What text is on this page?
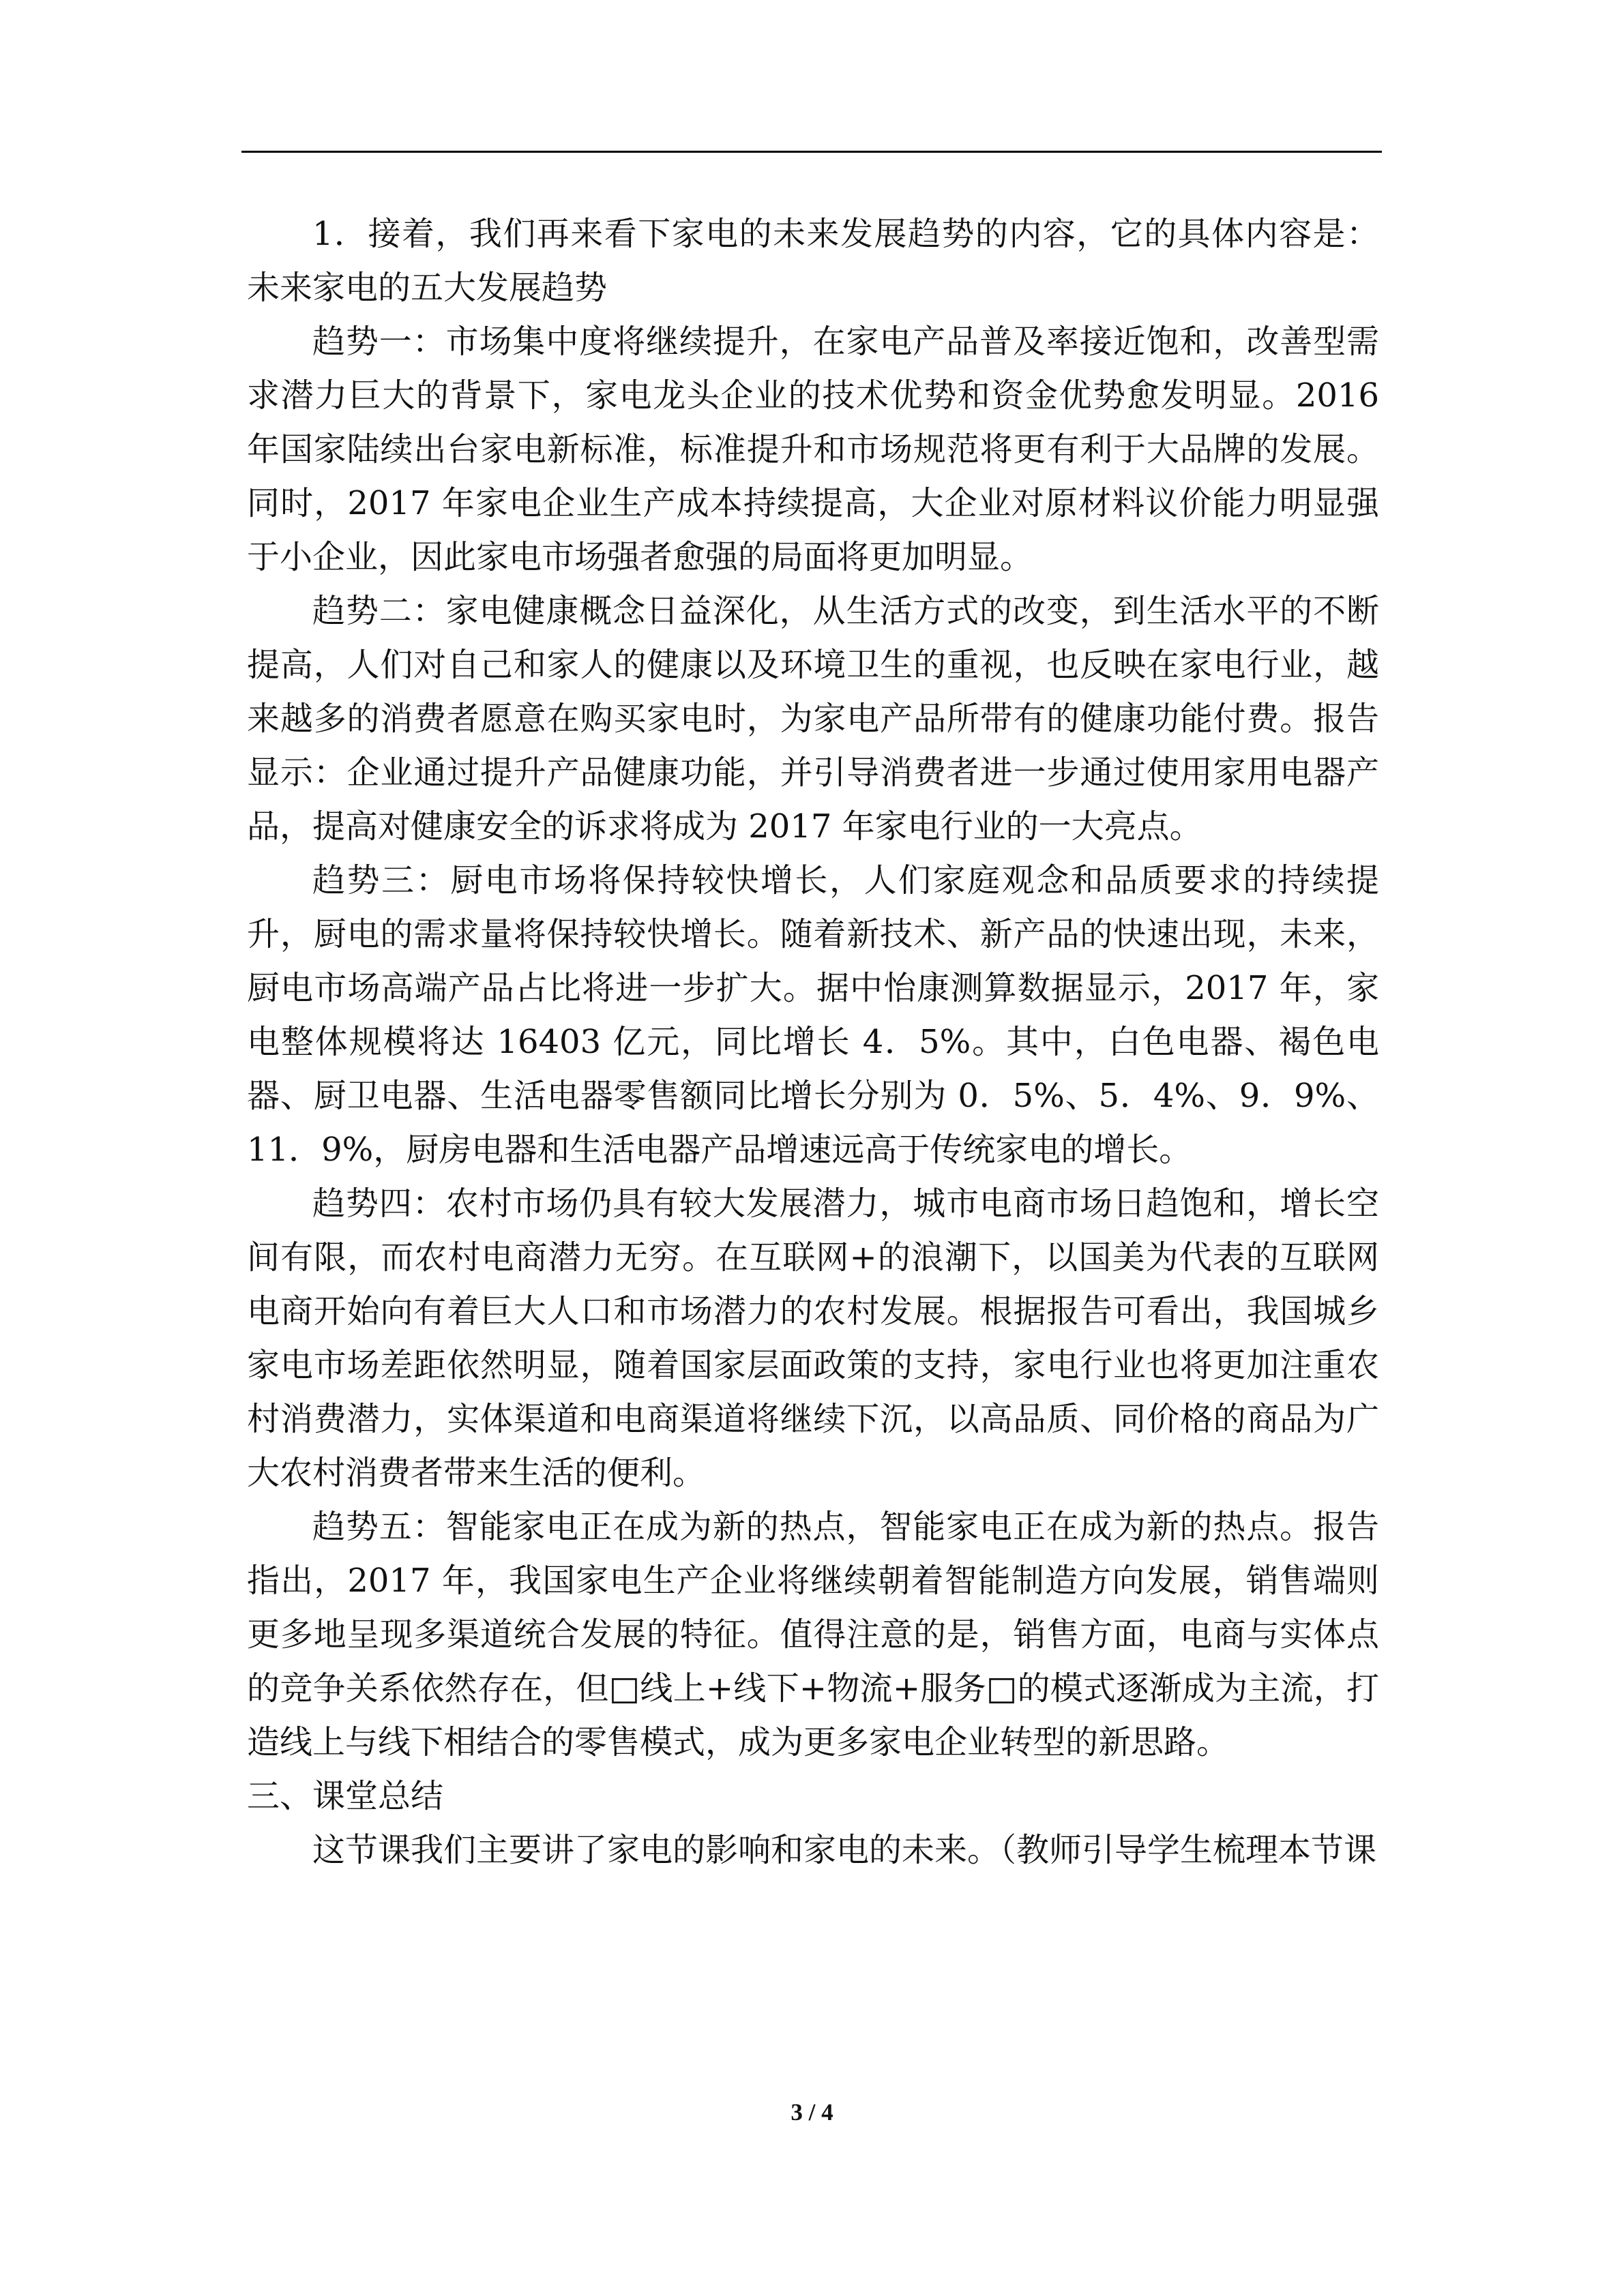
1．接着，我们再来看下家电的未来发展趋势的内容，它的具体内容是：未来家电的五大发展趋势

趋势一：市场集中度将继续提升，在家电产品普及率接近饱和，改善型需求潜力巨大的背景下，家电龙头企业的技术优势和资金优势愈发明显。2016 年国家陆续出台家电新标准，标准提升和市场规范将更有利于大品牌的发展。同时，2017 年家电企业生产成本持续提高，大企业对原材料议价能力明显强于小企业，因此家电市场强者愈强的局面将更加明显。

趋势二：家电健康概念日益深化，从生活方式的改变，到生活水平的不断提高，人们对自己和家人的健康以及环境卫生的重视，也反映在家电行业，越来越多的消费者愿意在购买家电时，为家电产品所带有的健康功能付费。报告显示：企业通过提升产品健康功能，并引导消费者进一步通过使用家用电器产品，提高对健康安全的诉求将成为 2017 年家电行业的一大亮点。

趋势三：厨电市场将保持较快增长，人们家庭观念和品质要求的持续提升，厨电的需求量将保持较快增长。随着新技术、新产品的快速出现，未来，厨电市场高端产品占比将进一步扩大。据中怡康测算数据显示，2017 年，家电整体规模将达 16403 亿元，同比增长 4．5%。其中，白色电器、褐色电器、厨卫电器、生活电器零售额同比增长分别为 0．5%、5．4%、9．9%、11．9%，厨房电器和生活电器产品增速远高于传统家电的增长。

趋势四：农村市场仍具有较大发展潜力，城市电商市场日趋饱和，增长空间有限，而农村电商潜力无穷。在互联网+的浪潮下，以国美为代表的互联网电商开始向有着巨大人口和市场潜力的农村发展。根据报告可看出，我国城乡家电市场差距依然明显，随着国家层面政策的支持，家电行业也将更加注重农村消费潜力，实体渠道和电商渠道将继续下沉，以高品质、同价格的商品为广大农村消费者带来生活的便利。

趋势五：智能家电正在成为新的热点，智能家电正在成为新的热点。报告指出，2017 年，我国家电生产企业将继续朝着智能制造方向发展，销售端则更多地呈现多渠道统合发展的特征。值得注意的是，销售方面，电商与实体点的竞争关系依然存在，但□线上+线下+物流+服务□的模式逐渐成为主流，打造线上与线下相结合的零售模式，成为更多家电企业转型的新思路。

三、课堂总结

这节课我们主要讲了家电的影响和家电的未来。（教师引导学生梳理本节课

3 / 4
